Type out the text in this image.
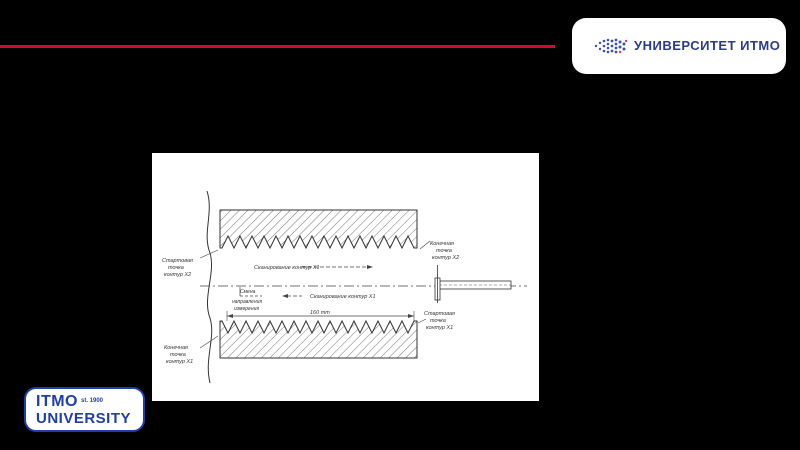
УНИВЕРСИТЕТ ИТМО
Стартовая
точка
контур X2
Конечная
точка
контур X2
Сканирование контур X1
Сканирование контур X1
Смена
направления
измерения
160 mm	Стартовая
точка
контур X1
Конечная
точка
контур X1
ITMO st. 1900
UNIVERSITY
